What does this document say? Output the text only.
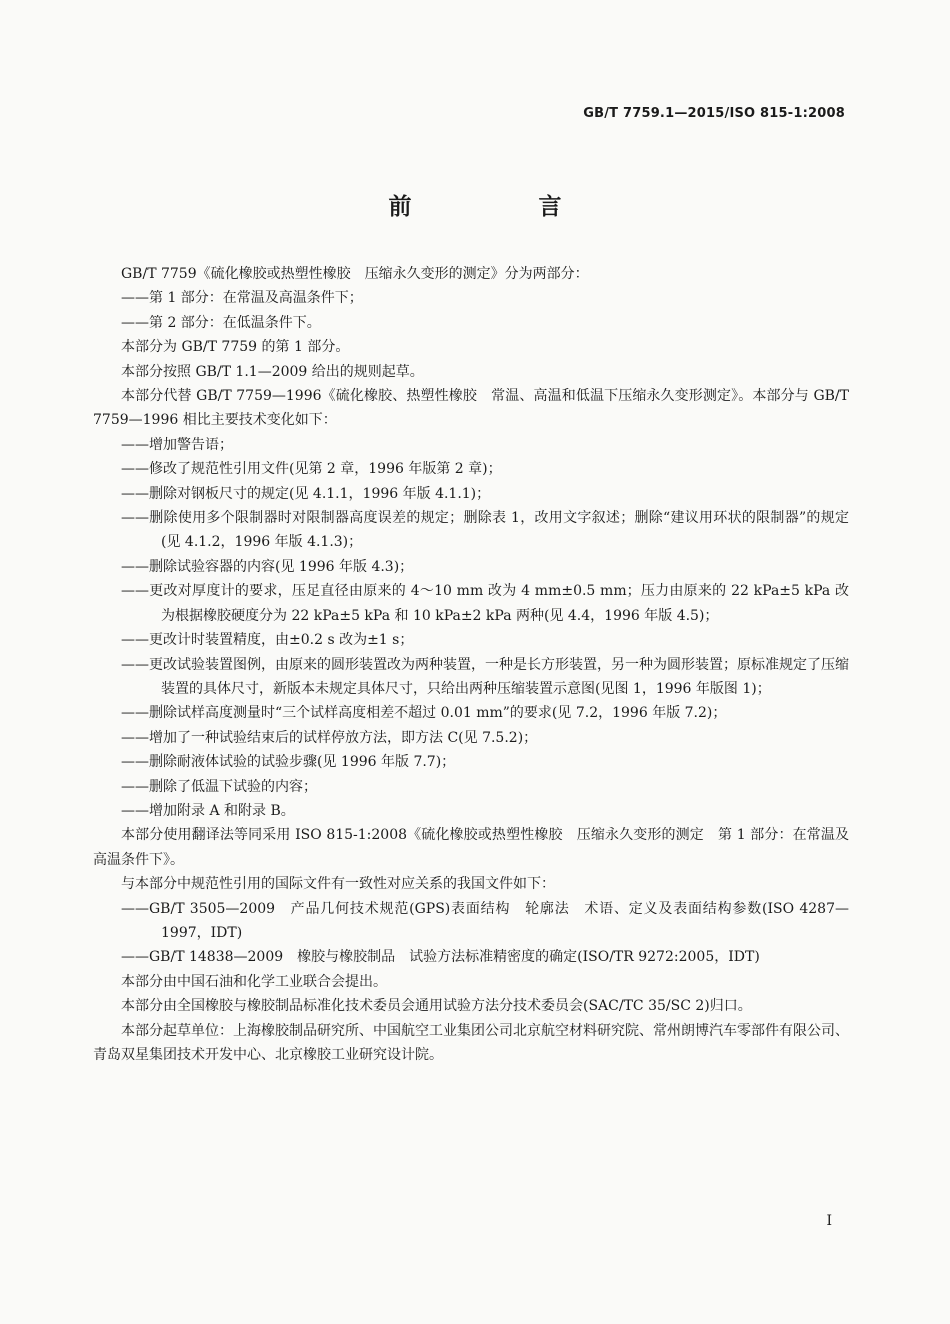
GB/T 7759.1—2015/ISO 815-1:2008
前　言

GB/T 7759《硫化橡胶或热塑性橡胶　压缩永久变形的测定》分为两部分：

——第 1 部分：在常温及高温条件下；

——第 2 部分：在低温条件下。

本部分为 GB/T 7759 的第 1 部分。

本部分按照 GB/T 1.1—2009 给出的规则起草。

本部分代替 GB/T 7759—1996《硫化橡胶、热塑性橡胶　常温、高温和低温下压缩永久变形测定》。本部分与 GB/T 7759—1996 相比主要技术变化如下：

——增加警告语；

——修改了规范性引用文件(见第 2 章，1996 年版第 2 章)；

——删除对钢板尺寸的规定(见 4.1.1，1996 年版 4.1.1)；

——删除使用多个限制器时对限制器高度误差的规定；删除表 1，改用文字叙述；删除“建议用环状的限制器”的规定(见 4.1.2，1996 年版 4.1.3)；

——删除试验容器的内容(见 1996 年版 4.3)；

——更改对厚度计的要求，压足直径由原来的 4～10 mm 改为 4 mm±0.5 mm；压力由原来的 22 kPa±5 kPa 改为根据橡胶硬度分为 22 kPa±5 kPa 和 10 kPa±2 kPa 两种(见 4.4，1996 年版 4.5)；

——更改计时装置精度，由±0.2 s 改为±1 s；

——更改试验装置图例，由原来的圆形装置改为两种装置，一种是长方形装置，另一种为圆形装置；原标准规定了压缩装置的具体尺寸，新版本未规定具体尺寸，只给出两种压缩装置示意图(见图 1，1996 年版图 1)；

——删除试样高度测量时“三个试样高度相差不超过 0.01 mm”的要求(见 7.2，1996 年版 7.2)；

——增加了一种试验结束后的试样停放方法，即方法 C(见 7.5.2)；

——删除耐液体试验的试验步骤(见 1996 年版 7.7)；

——删除了低温下试验的内容；

——增加附录 A 和附录 B。

本部分使用翻译法等同采用 ISO 815-1:2008《硫化橡胶或热塑性橡胶　压缩永久变形的测定　第 1 部分：在常温及高温条件下》。

与本部分中规范性引用的国际文件有一致性对应关系的我国文件如下：

——GB/T 3505—2009　产品几何技术规范(GPS)表面结构　轮廓法　术语、定义及表面结构参数(ISO 4287—1997，IDT)

——GB/T 14838—2009　橡胶与橡胶制品　试验方法标准精密度的确定(ISO/TR 9272:2005，IDT)

本部分由中国石油和化学工业联合会提出。

本部分由全国橡胶与橡胶制品标准化技术委员会通用试验方法分技术委员会(SAC/TC 35/SC 2)归口。

本部分起草单位：上海橡胶制品研究所、中国航空工业集团公司北京航空材料研究院、常州朗博汽车零部件有限公司、青岛双星集团技术开发中心、北京橡胶工业研究设计院。

I
